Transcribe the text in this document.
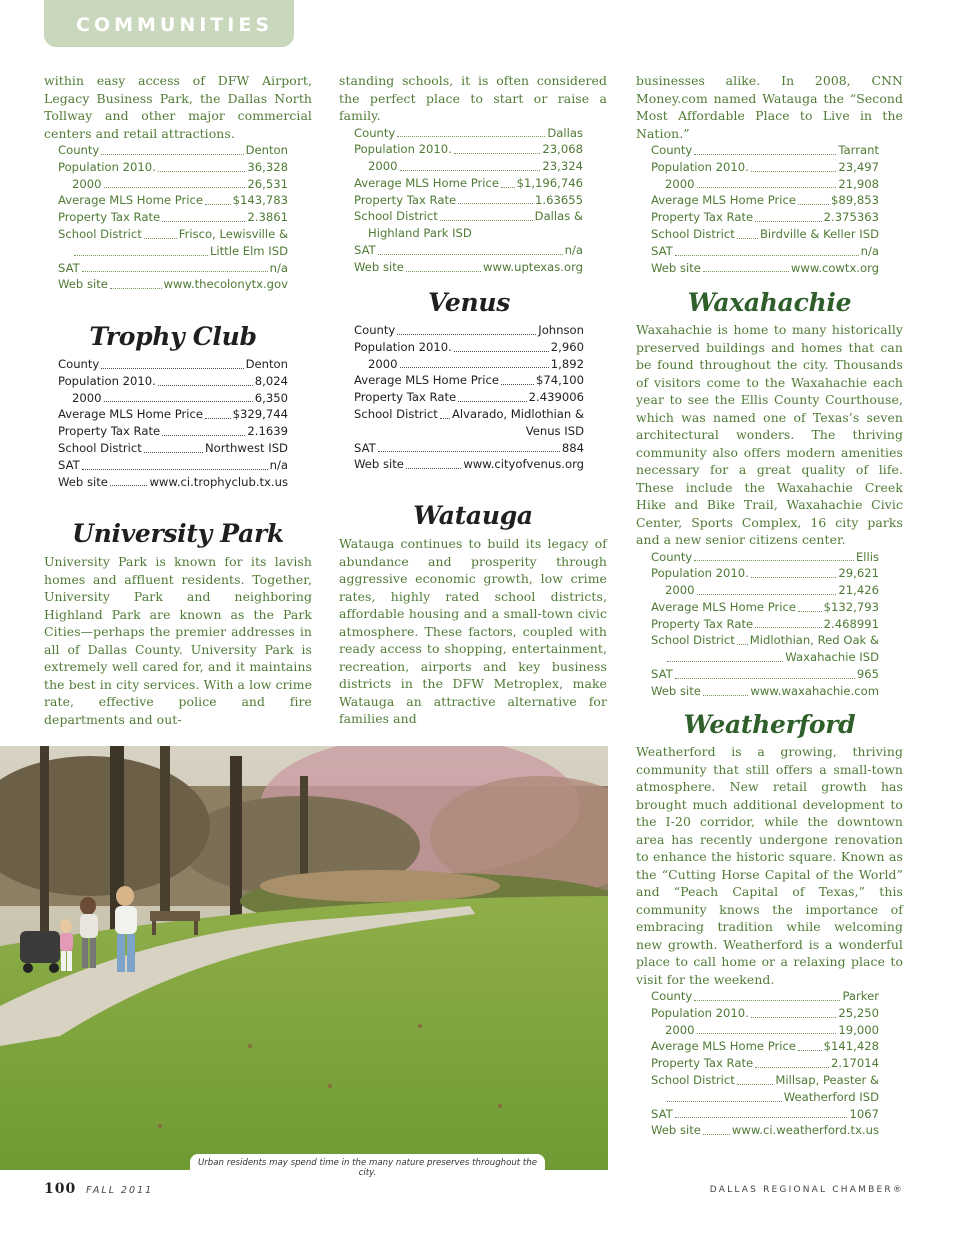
COMMUNITIES

within easy access of DFW Airport, Legacy Business Park, the Dallas North Tollway and other major commercial centers and retail attractions.

County	Denton
Population 2010.	36,328
2000	26,531
Average MLS Home Price	$143,783
Property Tax Rate	2.3861
School District	Frisco, Lewisville &
Little Elm ISD
SAT	n/a
Web site	www.thecolonytx.gov
Trophy Club
County	Denton
Population 2010.	8,024
2000	6,350
Average MLS Home Price	$329,744
Property Tax Rate	2.1639
School District	Northwest ISD
SAT	n/a
Web site	www.ci.trophyclub.tx.us
University Park

University Park is known for its lavish homes and affluent residents. Together, University Park and neighboring Highland Park are known as the Park Cities—perhaps the premier addresses in all of Dallas County. University Park is extremely well cared for, and it maintains the best in city services. With a low crime rate, effective police and fire departments and out-

standing schools, it is often considered the perfect place to start or raise a family.

County	Dallas
Population 2010.	23,068
2000	23,324
Average MLS Home Price $1,196,746
Property Tax Rate	1.63655
School District	Dallas &
Highland Park ISD
SAT	n/a
Web site	www.uptexas.org
Venus
County	Johnson
Population 2010.	2,960
2000	1,892
Average MLS Home Price	$74,100
Property Tax Rate	2.439006
School District Alvarado, Midlothian &
Venus ISD
SAT	884
Web site	www.cityofvenus.org
Watauga

Watauga continues to build its legacy of abundance and prosperity through aggressive economic growth, low crime rates, highly rated school districts, affordable housing and a small-town civic atmosphere. These factors, coupled with ready access to shopping, entertainment, recreation, airports and key business districts in the DFW Metroplex, make Watauga an attractive alternative for families and

businesses alike. In 2008, CNN Money.com named Watauga the “Second Most Affordable Place to Live in the Nation.”

County	Tarrant
Population 2010.	23,497
2000	21,908
Average MLS Home Price	$89,853
Property Tax Rate	2.375363
School District Birdville & Keller ISD
SAT	n/a
Web site	www.cowtx.org
Waxahachie

Waxahachie is home to many historically preserved buildings and homes that can be found throughout the city. Thousands of visitors come to the Waxahachie each year to see the Ellis County Courthouse, which was named one of Texas’s seven architectural wonders. The thriving community also offers modern amenities necessary for a great quality of life. These include the Waxahachie Creek Hike and Bike Trail, Waxahachie Civic Center, Sports Complex, 16 city parks and a new senior citizens center.

County	Ellis
Population 2010.	29,621
2000	21,426
Average MLS Home Price $132,793
Property Tax Rate	2.468991
School District Midlothian, Red Oak &
Waxahachie ISD
SAT	965
Web site	www.waxahachie.com
Weatherford

Weatherford is a growing, thriving community that still offers a small-town atmosphere. New retail growth has brought much additional development to the I-20 corridor, while the downtown area has recently undergone renovation to enhance the historic square. Known as the “Cutting Horse Capital of the World” and “Peach Capital of Texas,” this community knows the importance of embracing tradition while welcoming new growth. Weatherford is a wonderful place to call home or a relaxing place to visit for the weekend.

County	Parker
Population 2010.	25,250
2000	19,000
Average MLS Home Price $141,428
Property Tax Rate	2.17014
School District	Millsap, Peaster &
Weatherford ISD
SAT	1067
Web site	www.ci.weatherford.tx.us
Urban residents may spend time in the many nature preserves throughout the city.
100 FALL 2011	DALLAS REGIONAL CHAMBER®
